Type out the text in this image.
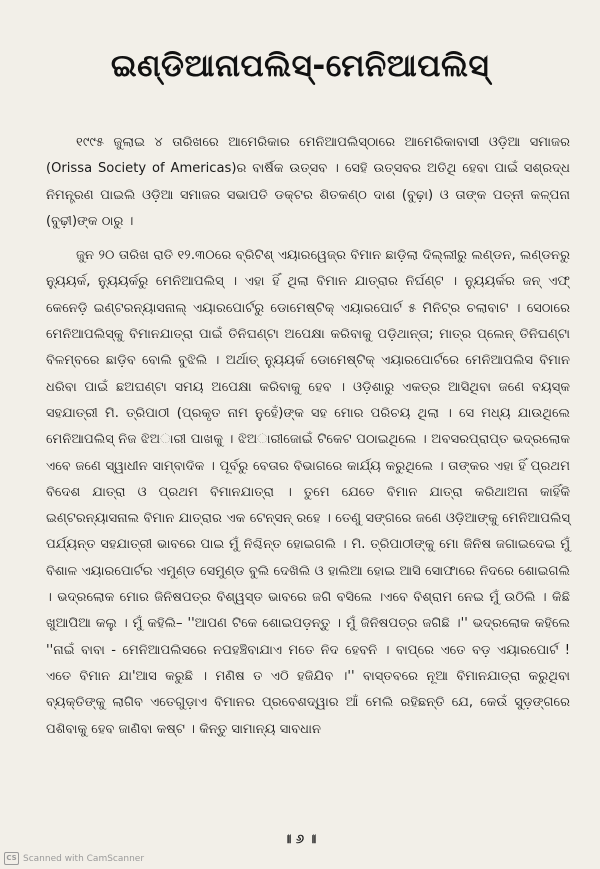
ଇଣ୍ଡିଆନାପଲିସ୍-ମେନିଆପଲିସ୍

୧୯୯୫ ଜୁଲାଇ ୪ ତାରିଖରେ ଆମେରିକାର ମେନିଆପଲିସ୍ଠାରେ ଆମେରିକାବାସୀ ଓଡ଼ିଆ ସମାଜର (Orissa Society of Americas)ର ବାର୍ଷିକ ଉତ୍ସବ । ସେହି ଉତ୍ସବର ଅତିଥି ହେବା ପାଇଁ ସଶ୍ରଦ୍ଧ ନିମନ୍ତ୍ରଣ ପାଇଲି ଓଡ଼ିଆ ସମାଜର ସଭାପତି ଡକ୍ଟର ଶିତକଣ୍ଠ ଦାଶ (ବୁଢ଼ା) ଓ ତାଙ୍କ ପତ୍ନୀ କଳ୍ପନା (ବୁଢ଼ୀ)ଙ୍କ ଠାରୁ ।

ଜୁନ ୨୦ ତାରିଖ ରାତି ୧୨.୩୦ରେ ବ୍ରିଟିଶ୍ ଏୟାରୱେଜ୍ର ବିମାନ ଛାଡ଼ିଲା ଦିଲ୍ଲୀରୁ ଲଣ୍ଡନ, ଲଣ୍ଡନରୁ ନ୍ୟୁୟର୍କ, ନ୍ୟୁୟର୍କରୁ ମେନିଆପଲିସ୍ । ଏହା ହିଁ ଥିଲା ବିମାନ ଯାତ୍ରାର ନିର୍ଘଣ୍ଟ । ନ୍ୟୁୟର୍କର ଜନ୍ ଏଫ୍ କେନେଡ଼ି ଇଣ୍ଟରନ୍ୟାସନାଲ୍ ଏୟାରପୋର୍ଟରୁ ଡୋମେଷ୍ଟିକ୍ ଏୟାରପୋର୍ଟ ୫ ମିନିଟ୍ର ଚଲାବାଟ । ସେଠାରେ ମେନିଆପଲିସ୍କୁ ବିମାନଯାତ୍ରା ପାଇଁ ତିନିଘଣ୍ଟା ଅପେକ୍ଷା କରିବାକୁ ପଡ଼ିଥାନ୍ତା; ମାତ୍ର ପ୍ଲେନ୍ ତିନିଘଣ୍ଟା ବିଳମ୍ବରେ ଛାଡ଼ିବ ବୋଲି ବୁଝିଲି । ଅର୍ଥାତ୍ ନ୍ୟୁୟର୍କ ଡୋମେଷ୍ଟିକ୍ ଏୟାରପୋର୍ଟରେ ମେନିଆପଲିସ ବିମାନ ଧରିବା ପାଇଁ ଛଅଘଣ୍ଟା ସମୟ ଅପେକ୍ଷା କରିବାକୁ ହେବ । ଓଡ଼ିଶାରୁ ଏକତ୍ର ଆସିଥିବା ଜଣେ ବୟସ୍କ ସହଯାତ୍ରୀ ମି. ତ୍ରିପାଠୀ (ପ୍ରକୃତ ନାମ ନୁହେଁ)ଙ୍କ ସହ ମୋର ପରିଚୟ ଥିଲା । ସେ ମଧ୍ୟ ଯାଉଥିଲେ ମେନିଆପଲିସ୍ ନିଜ ଝିଅାରୀ ପାଖକୁ । ଝିଅାରୀଜୋଇଁ ଟିକେଟ ପଠାଇଥିଲେ । ଅବସରପ୍ରାପ୍ତ ଭଦ୍ରଲୋକ ଏବେ ଜଣେ ସ୍ୱାଧୀନ ସାମ୍ବାଦିକ । ପୂର୍ବରୁ ବେତାର ବିଭାଗରେ କାର୍ଯ୍ୟ କରୁଥିଲେ । ତାଙ୍କର ଏହା ହିଁ ପ୍ରଥମ ବିଦେଶ ଯାତ୍ରା ଓ ପ୍ରଥମ ବିମାନଯାତ୍ରା । ତୁମେ ଯେତେ ବିମାନ ଯାତ୍ରା କରିଥାଅନା କାହିଁକି ଇଣ୍ଟରନ୍ୟାସନାଲ ବିମାନ ଯାତ୍ରାର ଏକ ଟେନ୍ସନ୍ ରହେ । ତେଣୁ ସଙ୍ଗରେ ଜଣେ ଓଡ଼ିଆଙ୍କୁ ମେନିଆପଲିସ୍ ପର୍ଯ୍ୟନ୍ତ ସହଯାତ୍ରୀ ଭାବରେ ପାଇ ମୁଁ ନିଶ୍ଚିନ୍ତ ହୋଇଗଲି । ମି. ତ୍ରିପାଠୀଙ୍କୁ ମୋ ଜିନିଷ ଜଗାଇଦେଇ ମୁଁ ବିଶାଳ ଏୟାରପୋର୍ଟର ଏମୁଣ୍ଡ ସେମୁଣ୍ଡ ବୁଲି ଦେଖିଲି ଓ ହାଲିଆ ହୋଇ ଆସି ସୋଫାରେ ନିଦରେ ଶୋଇଗଲି । ଭଦ୍ରଲୋକ ମୋର ଜିନିଷପତ୍ର ବିଶ୍ୱସ୍ତ ଭାବରେ ଜଗି ବସିଲେ ।ଏବେ ବିଶ୍ରାମ ନେଇ ମୁଁ ଉଠିଲି । କିଛି ଖୁଆପିଆ କଲୁ । ମୁଁ କହିଲି– ''ଆପଣ ଟିକେ ଶୋଇପଡ଼ନ୍ତୁ । ମୁଁ ଜିନିଷପତ୍ର ଜଗିଛି ।'' ଭଦ୍ରଲୋକ କହିଲେ ''ନାଇଁ ବାବା - ମେନିଆପଲିସରେ ନପହଞ୍ଚିବାଯାଏ ମତେ ନିଦ ହେବନି । ବାପ୍ରେ ଏତେ ବଡ଼ ଏୟାରପୋର୍ଟ ! ଏତେ ବିମାନ ଯା'ଆସ କରୁଛି । ମଣିଷ ତ ଏଠି ହଜିଯିବ ।'' ବାସ୍ତବରେ ନୂଆ ବିମାନଯାତ୍ରା କରୁଥିବା ବ୍ୟକ୍ତିଙ୍କୁ ଲାଗିବ ଏତେଗୁଡ଼ାଏ ବିମାନର ପ୍ରବେଶଦ୍ୱାର ଆଁ ମେଲି ରହିଛନ୍ତି ଯେ, କେଉଁ ସୁଡ଼ଙ୍ଗରେ ପଶିବାକୁ ହେବ ଜାଣିବା କଷ୍ଟ । କିନ୍ତୁ ସାମାନ୍ୟ ସାବଧାନ

॥ ୬ ॥
CS Scanned with CamScanner
